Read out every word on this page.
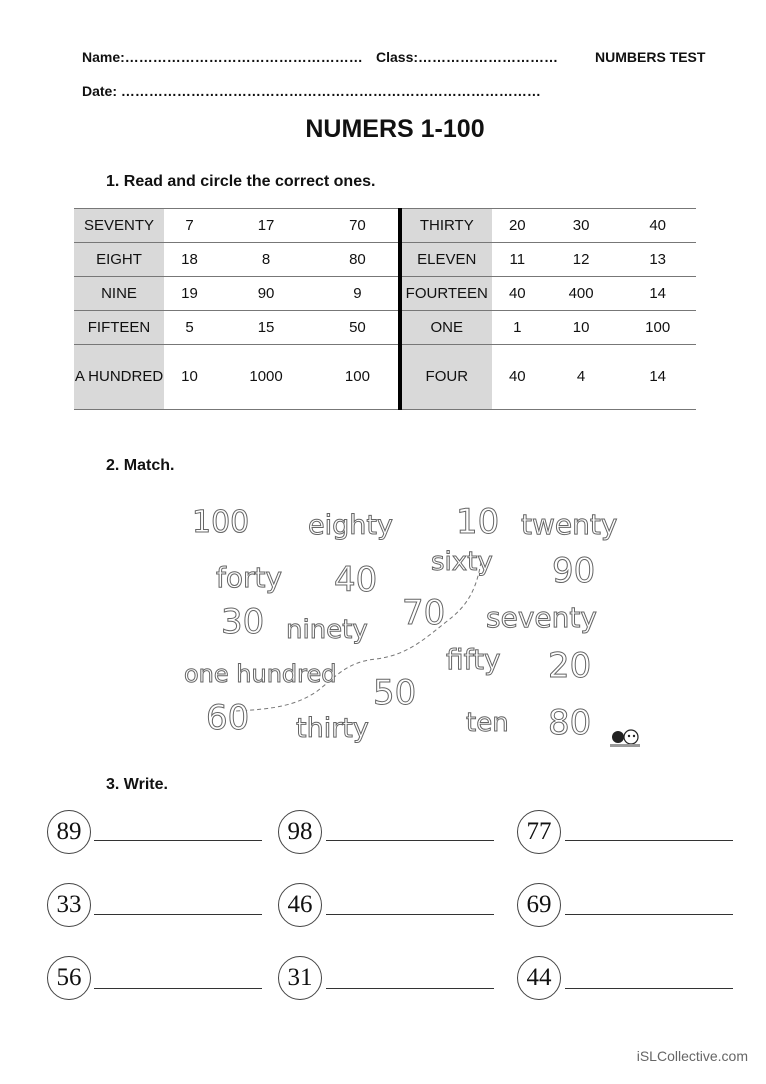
Name:…………………………………………… Class:…………………………	NUMBERS TEST
Date: ………………………………………………………………………………
NUMERS 1-100
1. Read and circle the correct ones.
SEVENTY	7	17	70	THIRTY	20	30	40
EIGHT	18	8	80	ELEVEN	11	12	13
NINE	19	90	9	FOURTEEN	40	400	14
FIFTEEN	5	15	50	ONE	1	10	100
A HUNDRED	10	1000	100	FOUR	40	4	14
2. Match.
100 eighty 10 twenty
forty 40 sixty 90
30 ninety 70 seventy
fifty 20
one hundred 50
60 thirty	ten 80
3. Write.
89	98	77
33	46	69
56	31	44
iSLCollective.com
